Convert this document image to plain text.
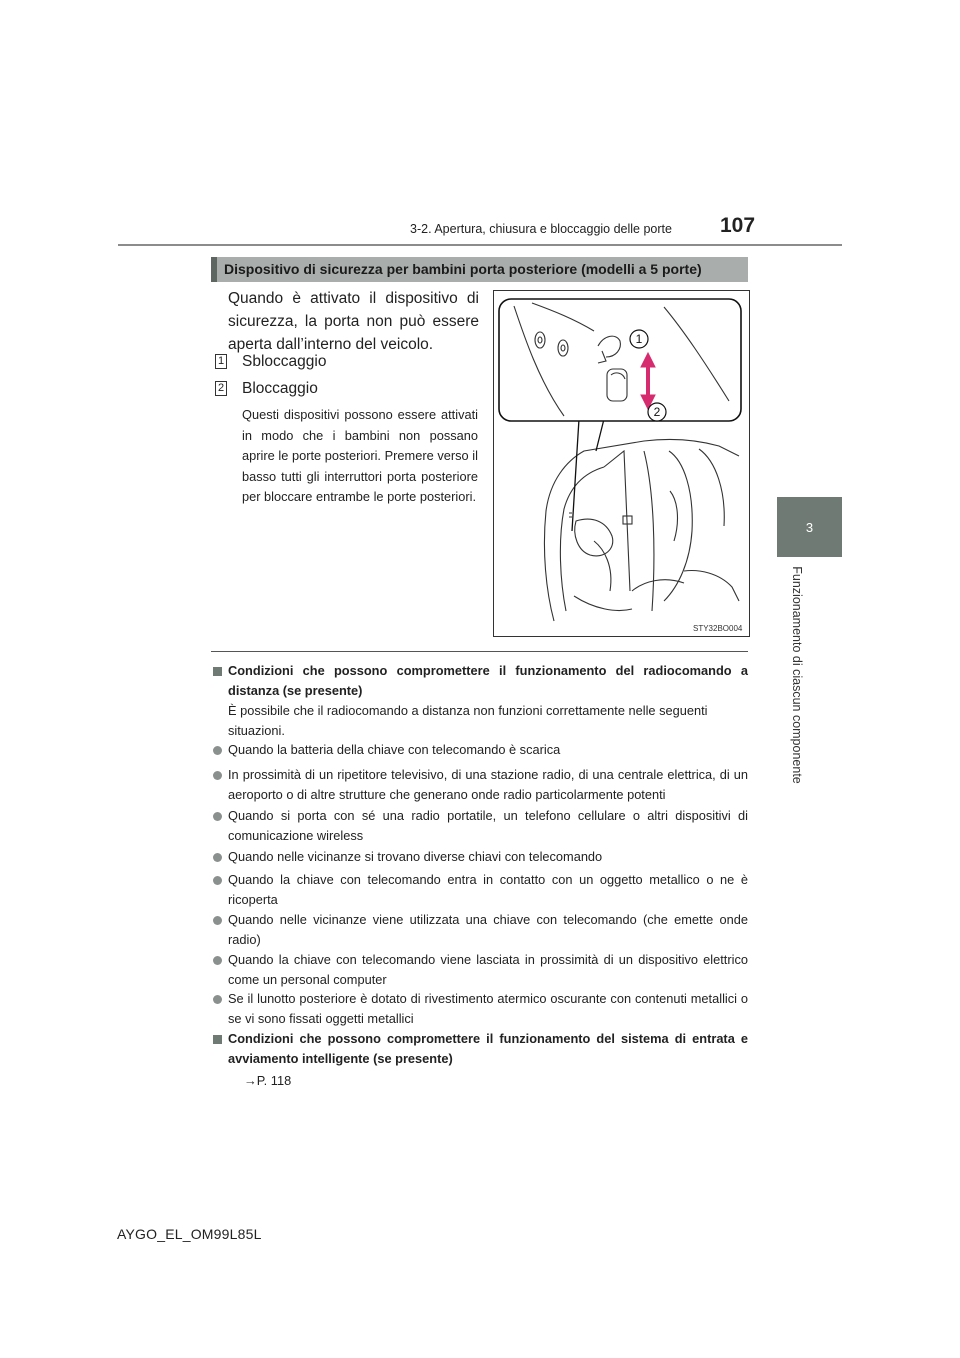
3-2. Apertura, chiusura e bloccaggio delle porte 107
3
Funzionamento di ciascun componente
Dispositivo di sicurezza per bambini porta posteriore (modelli a 5 porte)
Quando è attivato il dispositivo di sicurezza, la porta non può essere aperta dall’interno del veicolo.
1 Sbloccaggio
2 Bloccaggio
Questi dispositivi possono essere attivati in modo che i bambini non possano aprire le porte posteriori. Premere verso il basso tutti gli interruttori porta posteriore per bloccare entrambe le porte posteriori.
1
2
STY32BO004
Condizioni che possono compromettere il funzionamento del radiocomando a distanza (se presente)
È possibile che il radiocomando a distanza non funzioni correttamente nelle seguenti situazioni.
Quando la batteria della chiave con telecomando è scarica
In prossimità di un ripetitore televisivo, di una stazione radio, di una centrale elettrica, di un aeroporto o di altre strutture che generano onde radio particolarmente potenti
Quando si porta con sé una radio portatile, un telefono cellulare o altri dispositivi di comunicazione wireless
Quando nelle vicinanze si trovano diverse chiavi con telecomando
Quando la chiave con telecomando entra in contatto con un oggetto metallico o ne è ricoperta
Quando nelle vicinanze viene utilizzata una chiave con telecomando (che emette onde radio)
Quando la chiave con telecomando viene lasciata in prossimità di un dispositivo elettrico come un personal computer
Se il lunotto posteriore è dotato di rivestimento atermico oscurante con contenuti metallici o se vi sono fissati oggetti metallici
Condizioni che possono compromettere il funzionamento del sistema di entrata e avviamento intelligente (se presente)
→P. 118
AYGO_EL_OM99L85L
